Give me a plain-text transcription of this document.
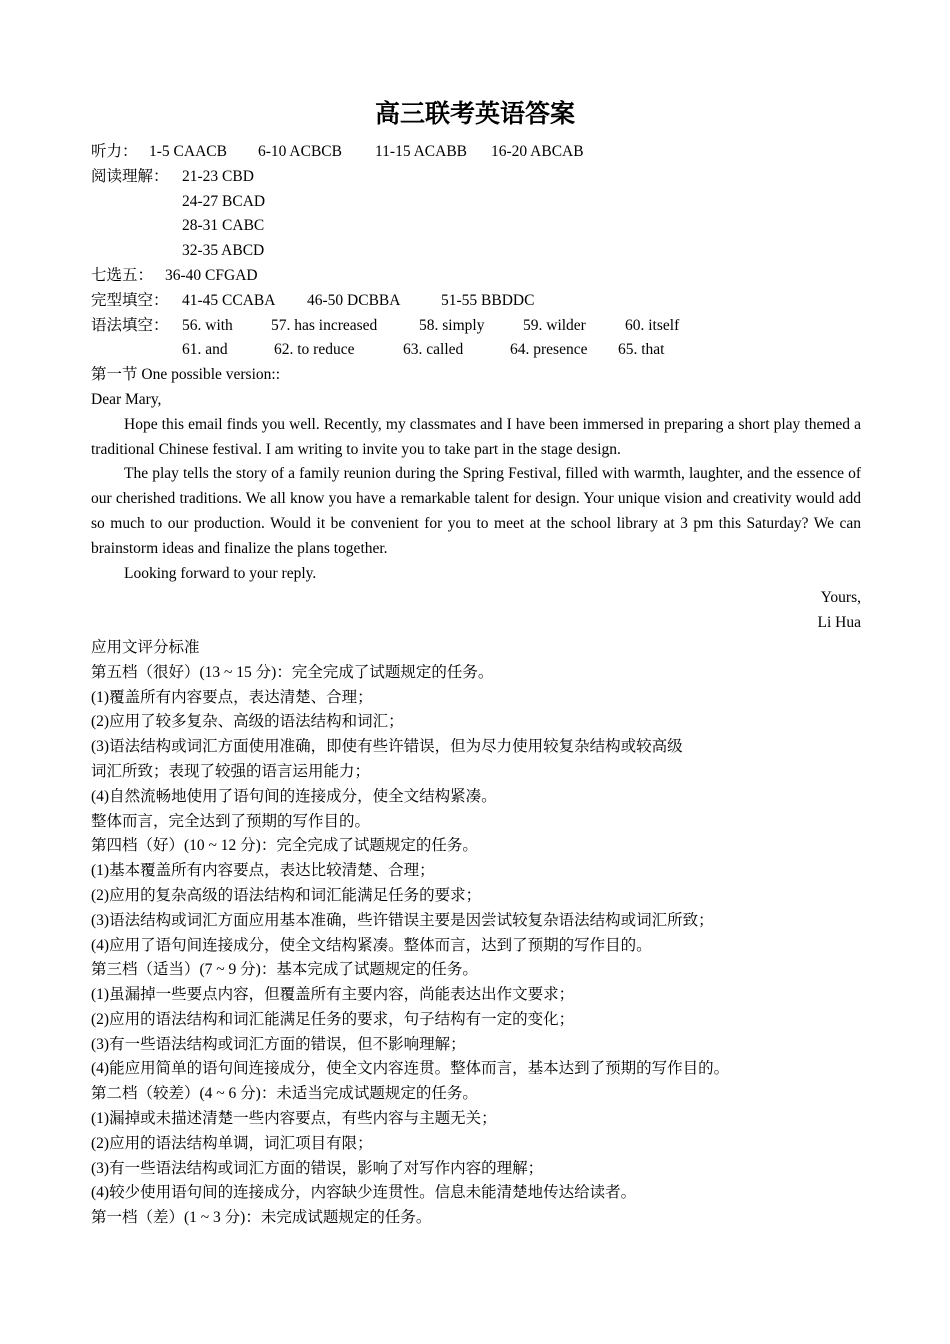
高三联考英语答案
听力： 1-5 CAACB 6-10 ACBCB 11-15 ACABB 16-20 ABCAB
阅读理解： 21-23 CBD
24-27 BCAD
28-31 CABC
32-35 ABCD
七选五： 36-40 CFGAD
完型填空： 41-45 CCABA 46-50 DCBBA	51-55 BBDDC
语法填空： 56. with 57. has increased	58. simply 59. wilder	60. itself
61. and	62. to reduce	63. called	64. presence 65. that
第一节 One possible version::
Dear Mary,
Hope this email finds you well. Recently, my classmates and I have been immersed in preparing a short play themed a traditional Chinese festival. I am writing to invite you to take part in the stage design.
The play tells the story of a family reunion during the Spring Festival, filled with warmth, laughter, and the essence of our cherished traditions. We all know you have a remarkable talent for design. Your unique vision and creativity would add so much to our production. Would it be convenient for you to meet at the school library at 3 pm this Saturday? We can brainstorm ideas and finalize the plans together.
Looking forward to your reply.
Yours,
Li Hua
应用文评分标准
第五档（很好）(13 ~ 15 分)：完全完成了试题规定的任务。
(1)覆盖所有内容要点，表达清楚、合理；
(2)应用了较多复杂、高级的语法结构和词汇；
(3)语法结构或词汇方面使用准确，即使有些许错误，但为尽力使用较复杂结构或较高级
词汇所致；表现了较强的语言运用能力；
(4)自然流畅地使用了语句间的连接成分，使全文结构紧凑。
整体而言，完全达到了预期的写作目的。
第四档（好）(10 ~ 12 分)：完全完成了试题规定的任务。
(1)基本覆盖所有内容要点，表达比较清楚、合理；
(2)应用的复杂高级的语法结构和词汇能满足任务的要求；
(3)语法结构或词汇方面应用基本准确，些许错误主要是因尝试较复杂语法结构或词汇所致；
(4)应用了语句间连接成分，使全文结构紧凑。整体而言，达到了预期的写作目的。
第三档（适当）(7 ~ 9 分)：基本完成了试题规定的任务。
(1)虽漏掉一些要点内容，但覆盖所有主要内容，尚能表达出作文要求；
(2)应用的语法结构和词汇能满足任务的要求，句子结构有一定的变化；
(3)有一些语法结构或词汇方面的错误，但不影响理解；
(4)能应用简单的语句间连接成分，使全文内容连贯。整体而言，基本达到了预期的写作目的。
第二档（较差）(4 ~ 6 分)：未适当完成试题规定的任务。
(1)漏掉或未描述清楚一些内容要点，有些内容与主题无关；
(2)应用的语法结构单调，词汇项目有限；
(3)有一些语法结构或词汇方面的错误，影响了对写作内容的理解；
(4)较少使用语句间的连接成分，内容缺少连贯性。信息未能清楚地传达给读者。
第一档（差）(1 ~ 3 分)：未完成试题规定的任务。
